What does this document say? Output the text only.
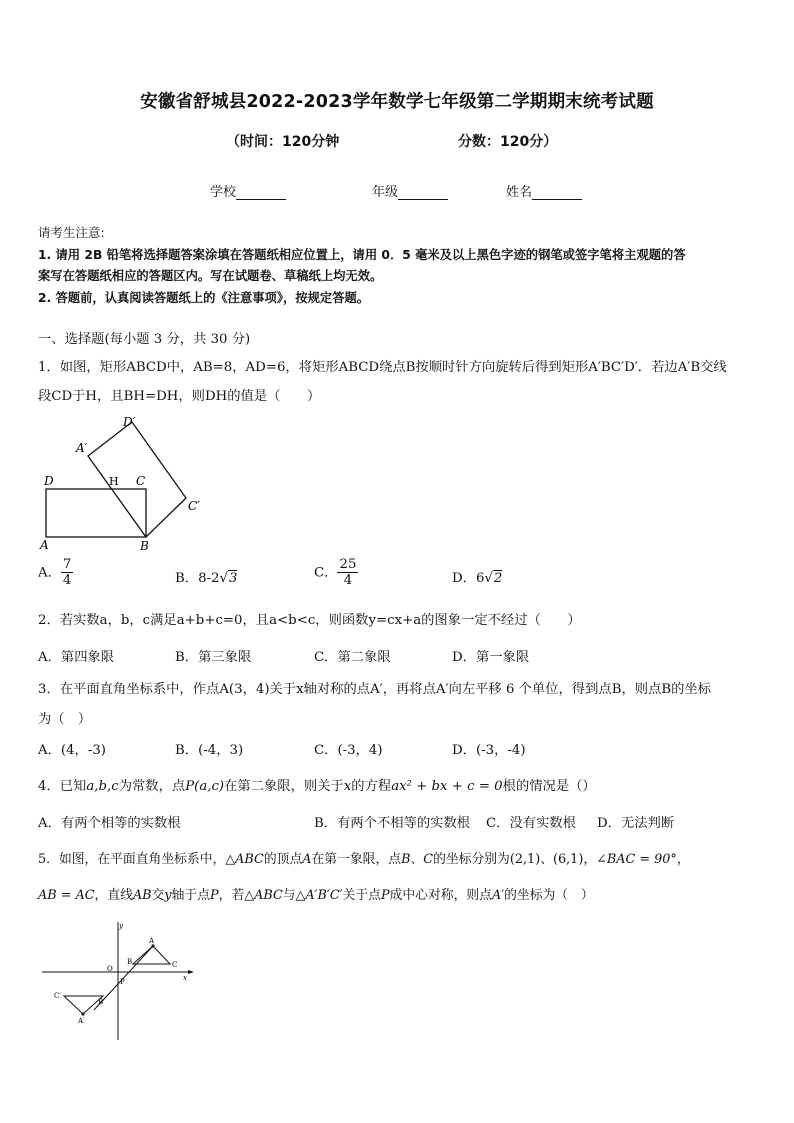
安徽省舒城县2022-2023学年数学七年级第二学期期末统考试题
（时间：120分钟	分数：120分）
学校	年级	姓名
请考生注意:
1. 请用 2B 铅笔将选择题答案涂填在答题纸相应位置上，请用 0．5 毫米及以上黑色字迹的钢笔或签字笔将主观题的答
案写在答题纸相应的答题区内。写在试题卷、草稿纸上均无效。
2. 答题前，认真阅读答题纸上的《注意事项》，按规定答题。
一、选择题(每小题 3 分，共 30 分)
1．如图，矩形ABCD中，AB=8，AD=6，将矩形ABCD绕点B按顺时针方向旋转后得到矩形A′BC′D′．若边A′B交线
段CD于H，且BH=DH，则DH的值是（　　）
D′
A′
D	H C
C′
A	B
A． $\frac{7}{4}$	B．8-2√3	C． $\frac{25}{4}$	D．6√2
2．若实数a，b，c满足a+b+c=0，且a<b<c，则函数y=cx+a的图象一定不经过（　　）
A．第四象限	B．第三象限	C．第二象限	D．第一象限
3．在平面直角坐标系中，作点A(3，4)关于x轴对称的点A′，再将点A′向左平移 6 个单位，得到点B，则点B的坐标
为（　）
A．(4，-3)	B．(-4，3)	C．(-3，4)	D．(-3，-4)
4．已知a,b,c为常数，点P(a,c)在第二象限，则关于x的方程ax² + bx + c = 0根的情况是（）
A．有两个相等的实数根	B．有两个不相等的实数根 C．没有实数根 D．无法判断
5．如图，在平面直角坐标系中，△ABC的顶点A在第一象限，点B、C的坐标分别为(2,1)、(6,1)，∠BAC = 90°，
AB = AC，直线AB交y轴于点P，若△ABC与△A′B′C′关于点P成中心对称，则点A′的坐标为（　）
y
x
O
A
B	C
P
C′
B′
A′
